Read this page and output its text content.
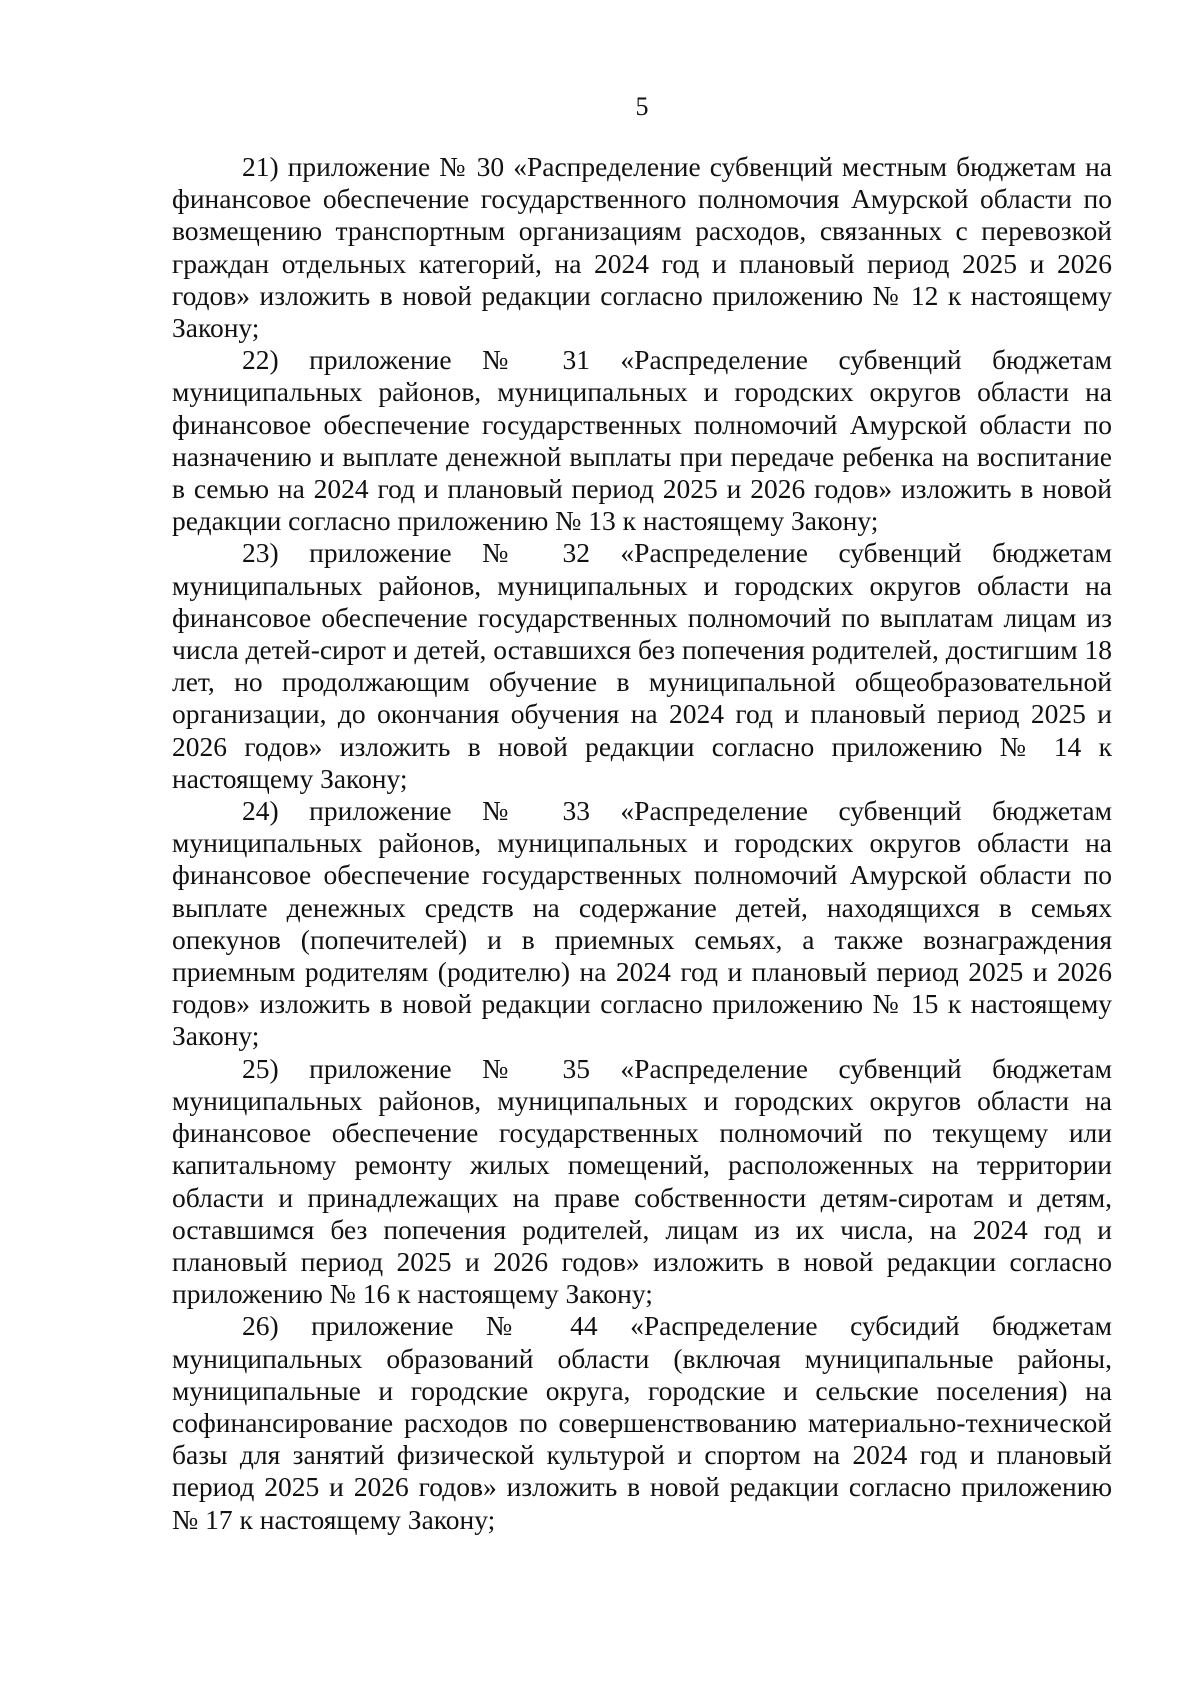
5

21) приложение № 30 «Распределение субвенций местным бюджетам на финансовое обеспечение государственного полномочия Амурской области по возмещению транспортным организациям расходов, связанных с перевозкой граждан отдельных категорий, на 2024 год и плановый период 2025 и 2026 годов» изложить в новой редакции согласно приложению № 12 к настоящему Закону;

22) приложение № 31 «Распределение субвенций бюджетам муниципальных районов, муниципальных и городских округов области на финансовое обеспечение государственных полномочий Амурской области по назначению и выплате денежной выплаты при передаче ребенка на воспитание в семью на 2024 год и плановый период 2025 и 2026 годов» изложить в новой редакции согласно приложению № 13 к настоящему Закону;

23) приложение № 32 «Распределение субвенций бюджетам муниципальных районов, муниципальных и городских округов области на финансовое обеспечение государственных полномочий по выплатам лицам из числа детей-сирот и детей, оставшихся без попечения родителей, достигшим 18 лет, но продолжающим обучение в муниципальной общеобразовательной организации, до окончания обучения на 2024 год и плановый период 2025 и 2026 годов» изложить в новой редакции согласно приложению № 14 к настоящему Закону;

24) приложение № 33 «Распределение субвенций бюджетам муниципальных районов, муниципальных и городских округов области на финансовое обеспечение государственных полномочий Амурской области по выплате денежных средств на содержание детей, находящихся в семьях опекунов (попечителей) и в приемных семьях, а также вознаграждения приемным родителям (родителю) на 2024 год и плановый период 2025 и 2026 годов» изложить в новой редакции согласно приложению № 15 к настоящему Закону;

25) приложение № 35 «Распределение субвенций бюджетам муниципальных районов, муниципальных и городских округов области на финансовое обеспечение государственных полномочий по текущему или капитальному ремонту жилых помещений, расположенных на территории области и принадлежащих на праве собственности детям-сиротам и детям, оставшимся без попечения родителей, лицам из их числа, на 2024 год и плановый период 2025 и 2026 годов» изложить в новой редакции согласно приложению № 16 к настоящему Закону;

26) приложение № 44 «Распределение субсидий бюджетам муниципальных образований области (включая муниципальные районы, муниципальные и городские округа, городские и сельские поселения) на софинансирование расходов по совершенствованию материально-технической базы для занятий физической культурой и спортом на 2024 год и плановый период 2025 и 2026 годов» изложить в новой редакции согласно приложению № 17 к настоящему Закону;
